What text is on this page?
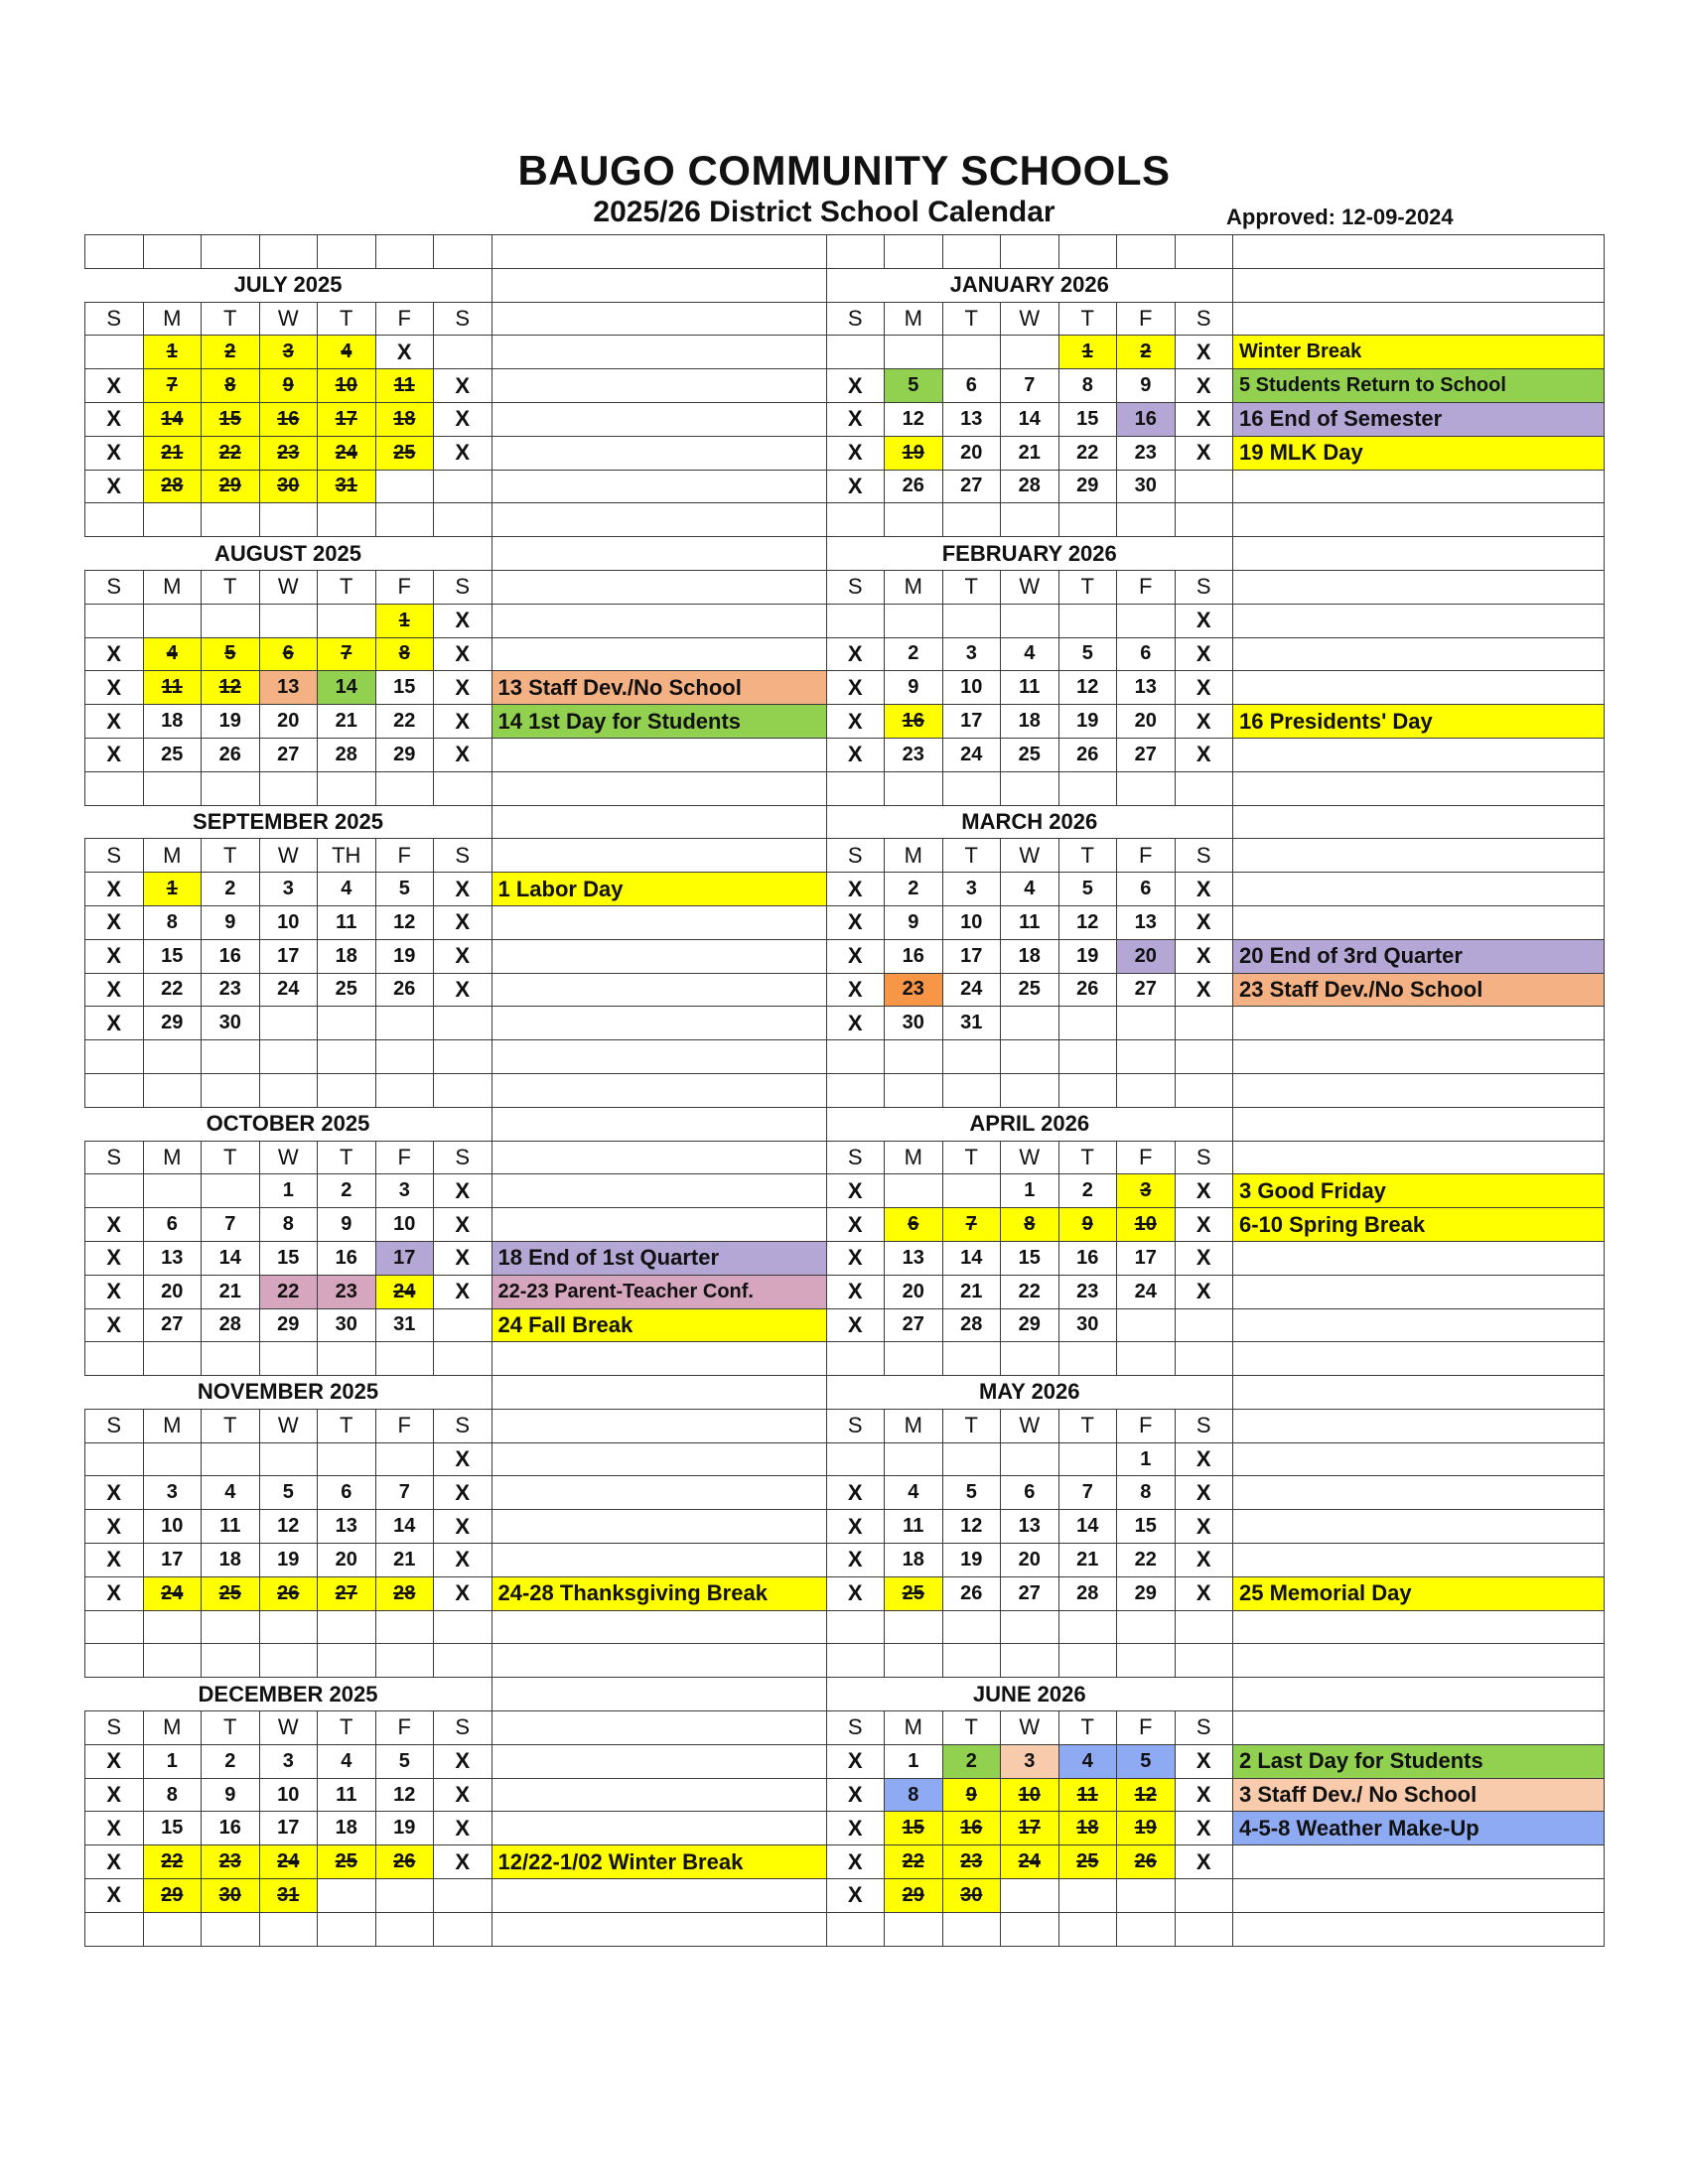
BAUGO COMMUNITY SCHOOLS
2025/26 District School Calendar	Approved: 12-09-2024

JULY 2025								JANUARY 2026							
S	M	T	W	T	F	S		S	M	T	W	T	F	S	
	1	2	3	4	X							1	2	X	Winter Break
X	7	8	9	10	11	X		X	5	6	7	8	9	X	5 Students Return to School
X	14	15	16	17	18	X		X	12	13	14	15	16	X	16 End of Semester
X	21	22	23	24	25	X		X	19	20	21	22	23	X	19 MLK Day
X	28	29	30	31				X	26	27	28	29	30		

AUGUST 2025								FEBRUARY 2026							
S	M	T	W	T	F	S		S	M	T	W	T	F	S	
					1	X								X	
X	4	5	6	7	8	X		X	2	3	4	5	6	X	
X	11	12	13	14	15	X	13 Staff Dev./No School	X	9	10	11	12	13	X	
X	18	19	20	21	22	X	14 1st Day for Students	X	16	17	18	19	20	X	16 Presidents' Day
X	25	26	27	28	29	X		X	23	24	25	26	27	X	

SEPTEMBER 2025								MARCH 2026							
S	M	T	W	TH	F	S		S	M	T	W	T	F	S	
X	1	2	3	4	5	X	1 Labor Day	X	2	3	4	5	6	X	
X	8	9	10	11	12	X		X	9	10	11	12	13	X	
X	15	16	17	18	19	X		X	16	17	18	19	20	X	20 End of 3rd Quarter
X	22	23	24	25	26	X		X	23	24	25	26	27	X	23 Staff Dev./No School
X	29	30						X	30	31					

OCTOBER 2025								APRIL 2026							
S	M	T	W	T	F	S		S	M	T	W	T	F	S	
			1	2	3	X		X			1	2	3	X	3 Good Friday
X	6	7	8	9	10	X		X	6	7	8	9	10	X	6-10 Spring Break
X	13	14	15	16	17	X	18 End of 1st Quarter	X	13	14	15	16	17	X	
X	20	21	22	23	24	X	22-23 Parent-Teacher Conf.	X	20	21	22	23	24	X	
X	27	28	29	30	31		24 Fall Break	X	27	28	29	30			

NOVEMBER 2025								MAY 2026							
S	M	T	W	T	F	S		S	M	T	W	T	F	S	
						X							1	X	
X	3	4	5	6	7	X		X	4	5	6	7	8	X	
X	10	11	12	13	14	X		X	11	12	13	14	15	X	
X	17	18	19	20	21	X		X	18	19	20	21	22	X	
X	24	25	26	27	28	X	24-28 Thanksgiving Break	X	25	26	27	28	29	X	25 Memorial Day

DECEMBER 2025								JUNE 2026							
S	M	T	W	T	F	S		S	M	T	W	T	F	S	
X	1	2	3	4	5	X		X	1	2	3	4	5	X	2 Last Day for Students
X	8	9	10	11	12	X		X	8	9	10	11	12	X	3 Staff Dev./ No School
X	15	16	17	18	19	X		X	15	16	17	18	19	X	4-5-8 Weather Make-Up
X	22	23	24	25	26	X	12/22-1/02 Winter Break	X	22	23	24	25	26	X	
X	29	30	31					X	29	30					
